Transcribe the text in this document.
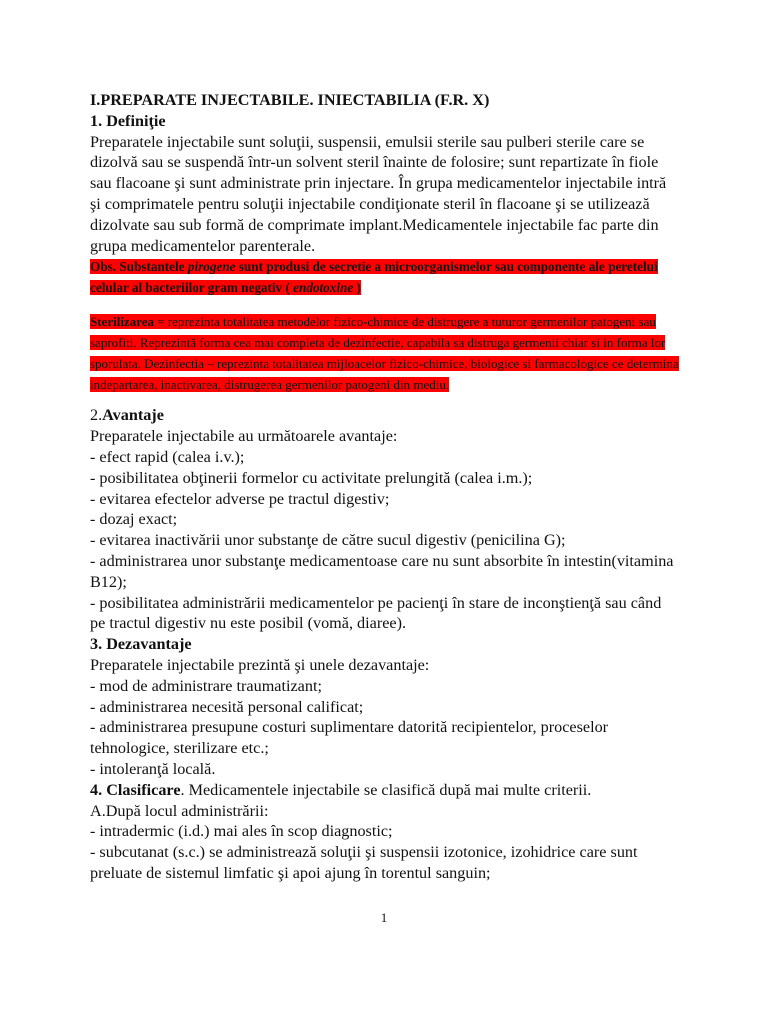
I.PREPARATE INJECTABILE. INIECTABILIA (F.R. X)

1. Definiţie

Preparatele injectabile sunt soluţii, suspensii, emulsii sterile sau pulberi sterile care se dizolvă sau se suspendă într-un solvent steril înainte de folosire; sunt repartizate în fiole sau flacoane şi sunt administrate prin injectare. În grupa medicamentelor injectabile intră şi comprimatele pentru soluţii injectabile condiţionate steril în flacoane şi se utilizează dizolvate sau sub formă de comprimate implant.Medicamentele injectabile fac parte din grupa medicamentelor parenterale.

Obs. Substantele pirogene sunt produsi de secretie a microorganismelor sau componente ale peretelui celular al bacteriilor gram negativ ( endotoxine )

Sterilizarea = reprezinta totalitatea metodelor fizico-chimice de distrugere a tuturor germenilor patogeni sau saprofiti. Reprezintă forma cea mai completa de dezinfectie, capabila sa distruga germenii chiar si in forma lor sporulata. Dezinfectia – reprezinta totalitatea mijloacelor fizico-chimice, biologice si farmacologice ce determina indepartarea, inactivarea, distrugerea germenilor patogeni din mediu.

2.Avantaje

Preparatele injectabile au următoarele avantaje:

- efect rapid (calea i.v.);

- posibilitatea obţinerii formelor cu activitate prelungită (calea i.m.);

- evitarea efectelor adverse pe tractul digestiv;

- dozaj exact;

- evitarea inactivării unor substanţe de către sucul digestiv (penicilina G);

- administrarea unor substanţe medicamentoase care nu sunt absorbite în intestin(vitamina B12);

- posibilitatea administrării medicamentelor pe pacienţi în stare de inconştienţă sau când pe tractul digestiv nu este posibil (vomă, diaree).

3. Dezavantaje

Preparatele injectabile prezintă şi unele dezavantaje:

- mod de administrare traumatizant;

- administrarea necesită personal calificat;

- administrarea presupune costuri suplimentare datorită recipientelor, proceselor tehnologice, sterilizare etc.;

- intoleranţă locală.

4. Clasificare. Medicamentele injectabile se clasifică după mai multe criterii.

A.După locul administrării:

- intradermic (i.d.) mai ales în scop diagnostic;

- subcutanat (s.c.) se administrează soluţii şi suspensii izotonice, izohidrice care sunt preluate de sistemul limfatic şi apoi ajung în torentul sanguin;

1
